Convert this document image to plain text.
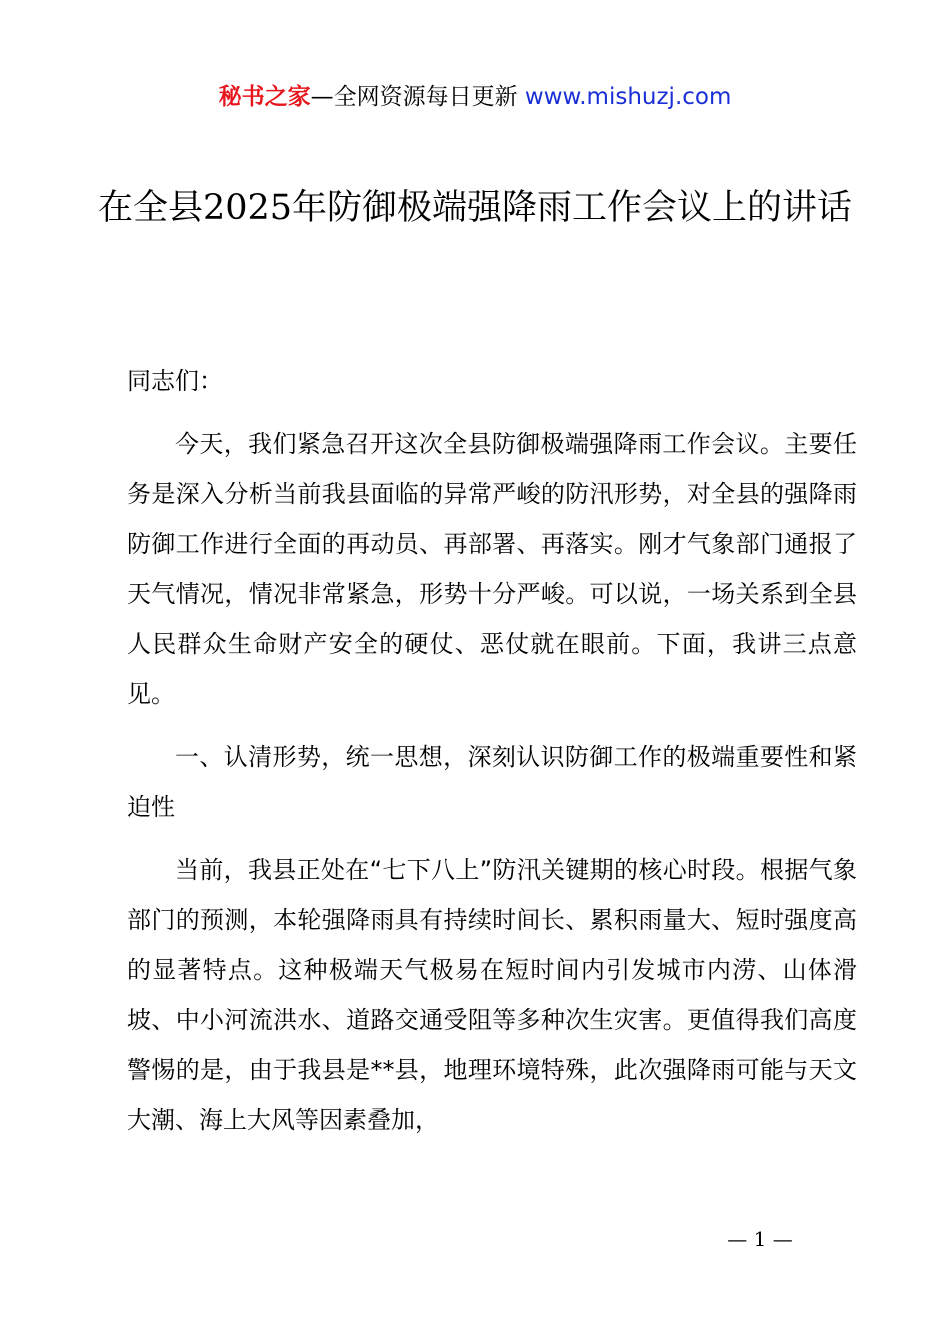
秘书之家—全网资源每日更新 www.mishuzj.com
在全县2025年防御极端强降雨工作会议上的讲话

同志们：

今天，我们紧急召开这次全县防御极端强降雨工作会议。主要任务是深入分析当前我县面临的异常严峻的防汛形势，对全县的强降雨防御工作进行全面的再动员、再部署、再落实。刚才气象部门通报了天气情况，情况非常紧急，形势十分严峻。可以说，一场关系到全县人民群众生命财产安全的硬仗、恶仗就在眼前。下面，我讲三点意见。

一、认清形势，统一思想，深刻认识防御工作的极端重要性和紧迫性

当前，我县正处在“七下八上”防汛关键期的核心时段。根据气象部门的预测，本轮强降雨具有持续时间长、累积雨量大、短时强度高的显著特点。这种极端天气极易在短时间内引发城市内涝、山体滑坡、中小河流洪水、道路交通受阻等多种次生灾害。更值得我们高度警惕的是，由于我县是**县，地理环境特殊，此次强降雨可能与天文大潮、海上大风等因素叠加，

— 1 —
